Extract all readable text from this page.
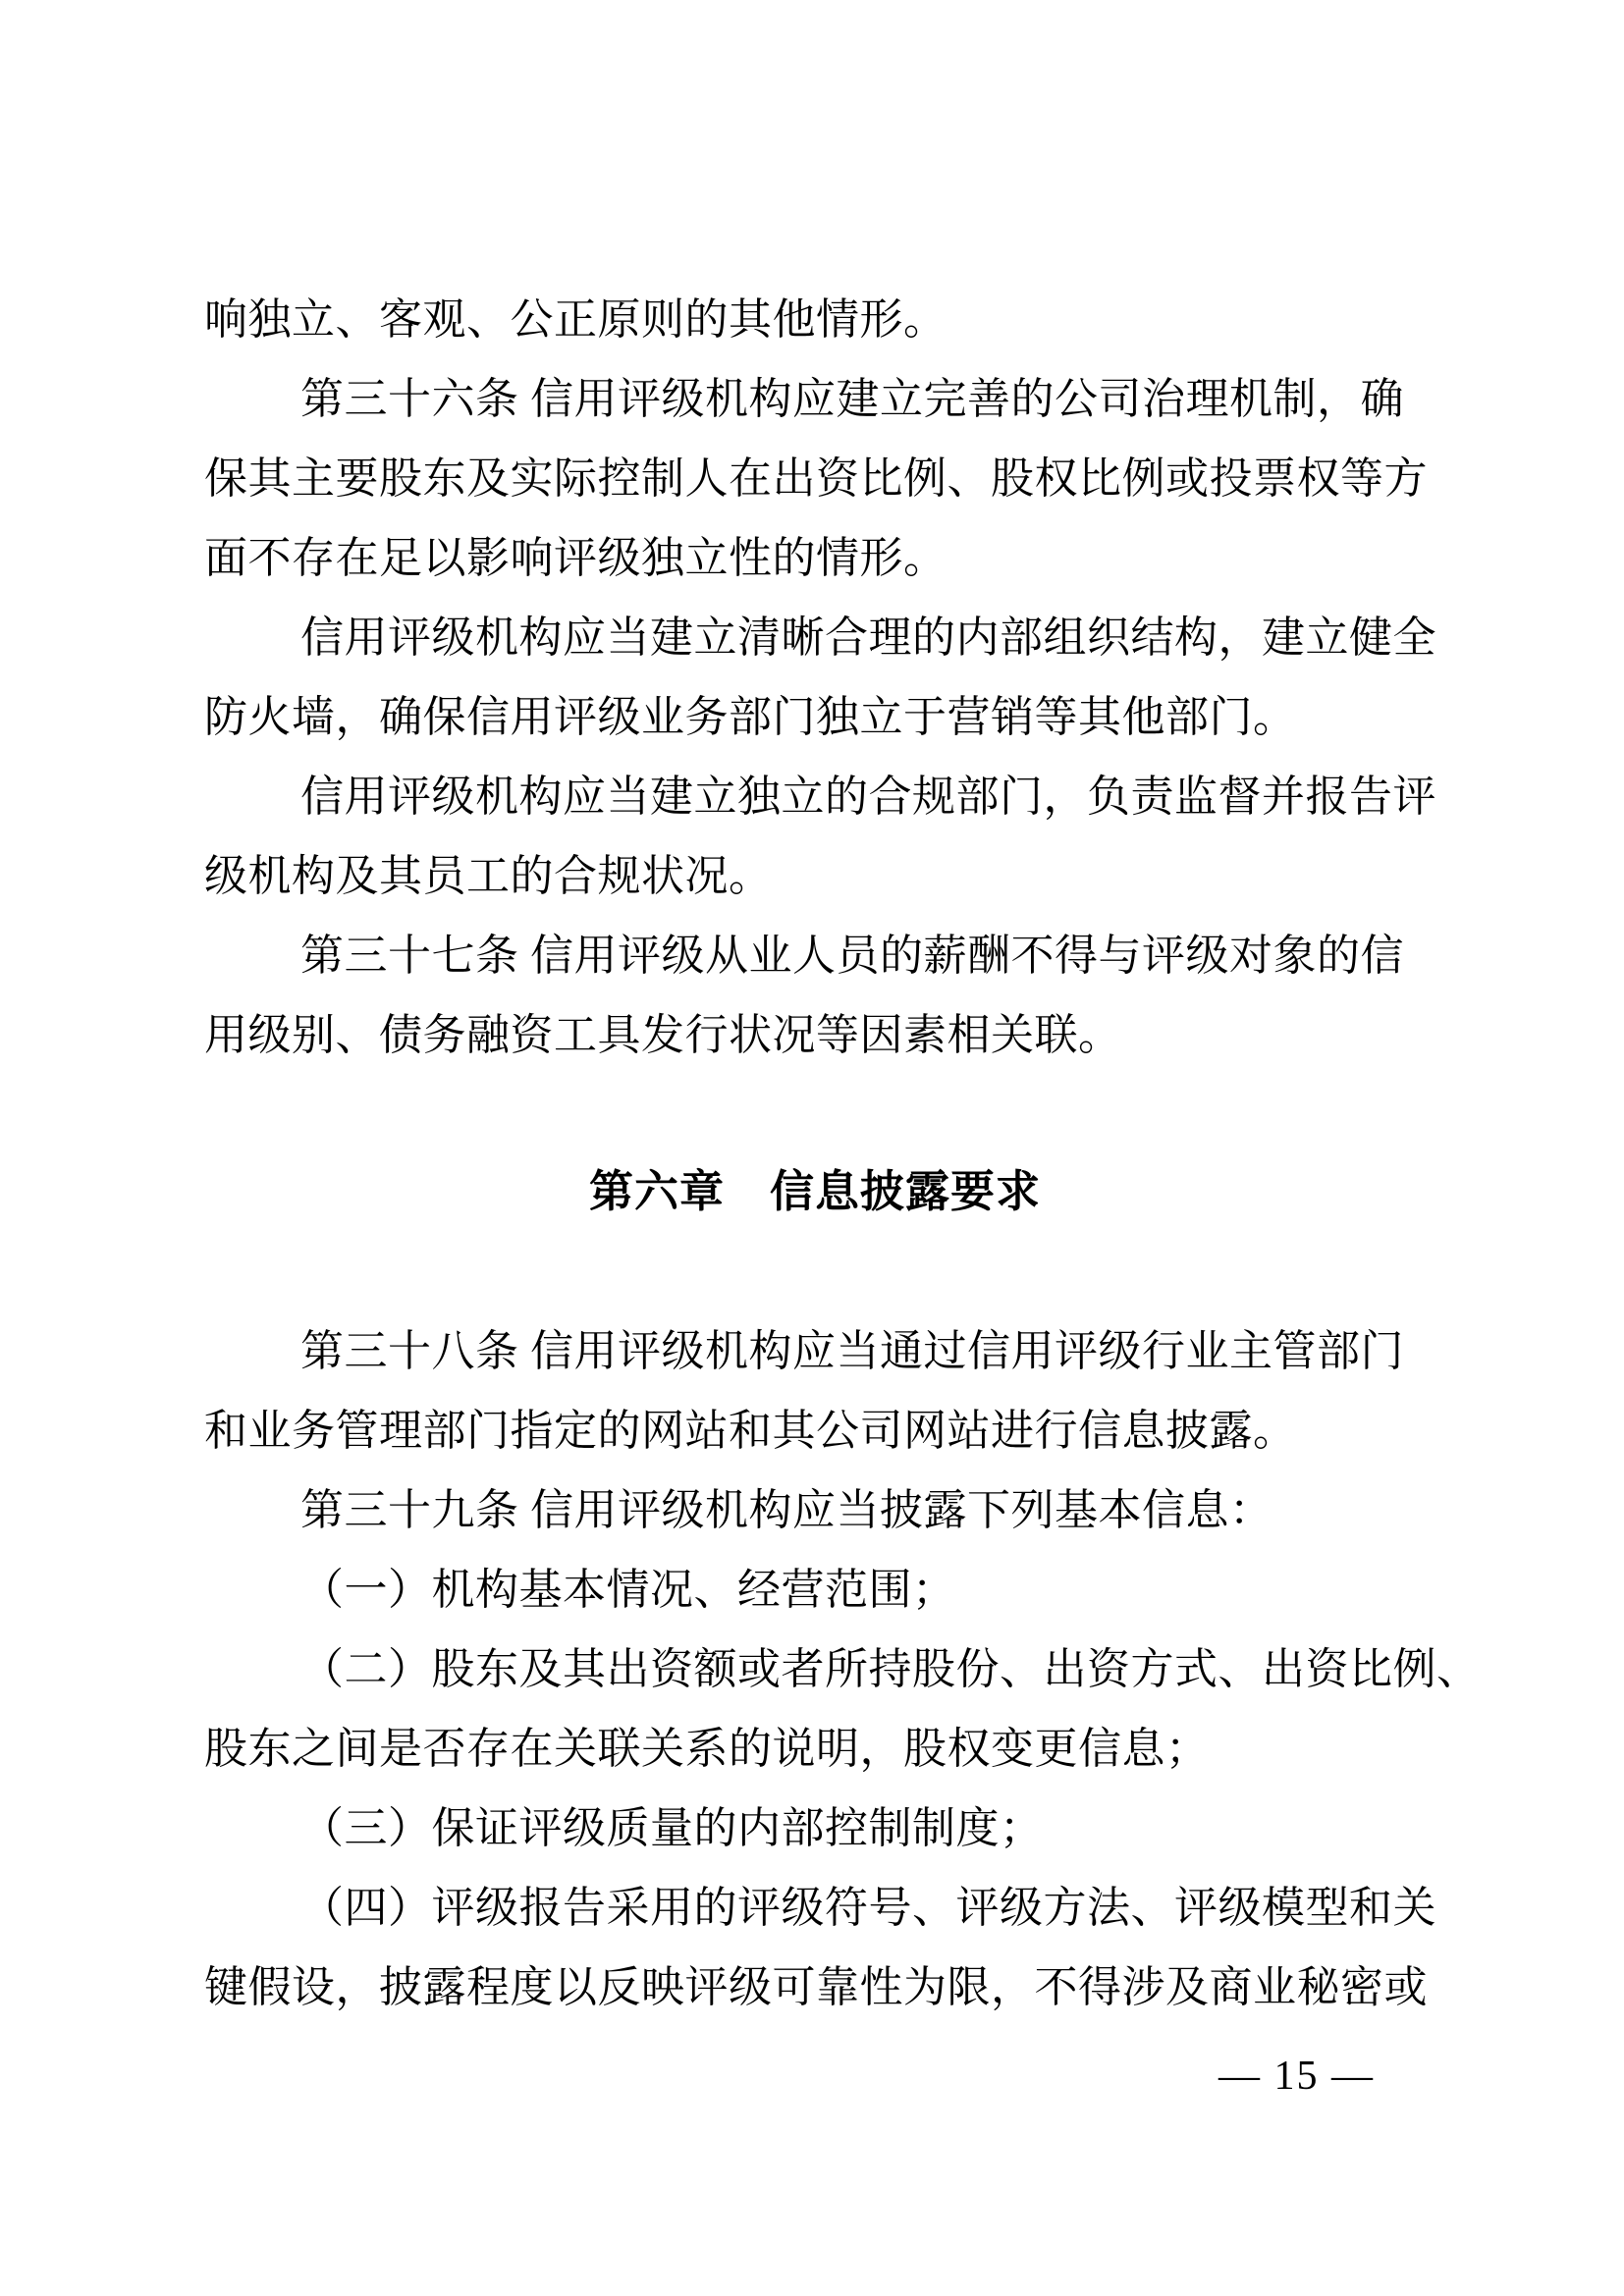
响独立、客观、公正原则的其他情形。
第三十六条 信用评级机构应建立完善的公司治理机制，确
保其主要股东及实际控制人在出资比例、股权比例或投票权等方
面不存在足以影响评级独立性的情形。
信用评级机构应当建立清晰合理的内部组织结构，建立健全
防火墙，确保信用评级业务部门独立于营销等其他部门。
信用评级机构应当建立独立的合规部门，负责监督并报告评
级机构及其员工的合规状况。
第三十七条 信用评级从业人员的薪酬不得与评级对象的信
用级别、债务融资工具发行状况等因素相关联。
第六章　信息披露要求
第三十八条 信用评级机构应当通过信用评级行业主管部门
和业务管理部门指定的网站和其公司网站进行信息披露。
第三十九条 信用评级机构应当披露下列基本信息：
（一）机构基本情况、经营范围；
（二）股东及其出资额或者所持股份、出资方式、出资比例、
股东之间是否存在关联关系的说明，股权变更信息；
（三）保证评级质量的内部控制制度；
（四）评级报告采用的评级符号、评级方法、评级模型和关
键假设，披露程度以反映评级可靠性为限，不得涉及商业秘密或
— 15 —
